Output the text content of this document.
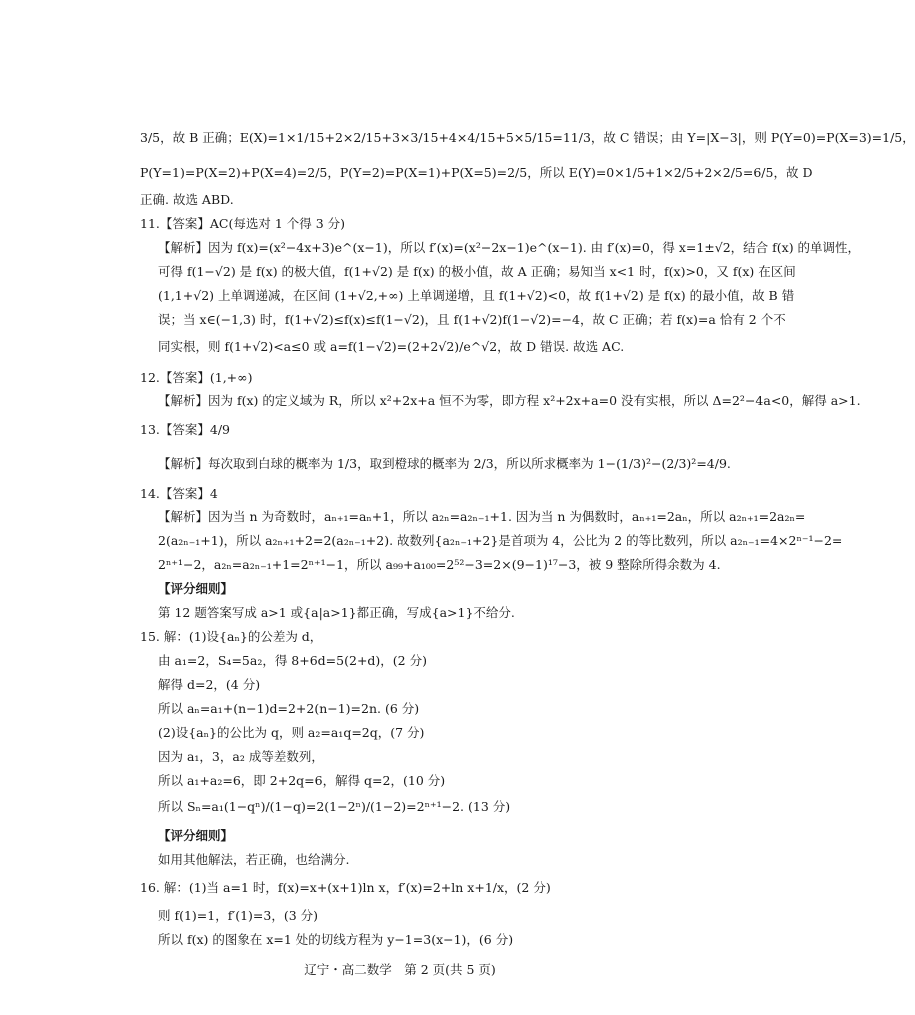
3/5，故 B 正确；E(X)=1×1/15+2×2/15+3×3/15+4×4/15+5×5/15=11/3，故 C 错误；由 Y=|X−3|，则 P(Y=0)=P(X=3)=1/5，
P(Y=1)=P(X=2)+P(X=4)=2/5，P(Y=2)=P(X=1)+P(X=5)=2/5，所以 E(Y)=0×1/5+1×2/5+2×2/5=6/5，故 D
正确. 故选 ABD.
11.【答案】AC(每选对 1 个得 3 分)
【解析】因为 f(x)=(x²−4x+3)e^(x−1)，所以 f′(x)=(x²−2x−1)e^(x−1). 由 f′(x)=0，得 x=1±√2，结合 f(x) 的单调性，
可得 f(1−√2) 是 f(x) 的极大值，f(1+√2) 是 f(x) 的极小值，故 A 正确；易知当 x<1 时，f(x)>0，又 f(x) 在区间
(1,1+√2) 上单调递减，在区间 (1+√2,+∞) 上单调递增，且 f(1+√2)<0，故 f(1+√2) 是 f(x) 的最小值，故 B 错
误；当 x∈(−1,3) 时，f(1+√2)≤f(x)≤f(1−√2)，且 f(1+√2)f(1−√2)=−4，故 C 正确；若 f(x)=a 恰有 2 个不
同实根，则 f(1+√2)<a≤0 或 a=f(1−√2)=(2+2√2)/e^√2，故 D 错误. 故选 AC.
12.【答案】(1,+∞)
【解析】因为 f(x) 的定义域为 R，所以 x²+2x+a 恒不为零，即方程 x²+2x+a=0 没有实根，所以 Δ=2²−4a<0，解得 a>1.
13.【答案】4/9
【解析】每次取到白球的概率为 1/3，取到橙球的概率为 2/3，所以所求概率为 1−(1/3)²−(2/3)²=4/9.
14.【答案】4
【解析】因为当 n 为奇数时，aₙ₊₁=aₙ+1，所以 a₂ₙ=a₂ₙ₋₁+1. 因为当 n 为偶数时，aₙ₊₁=2aₙ，所以 a₂ₙ₊₁=2a₂ₙ=
2(a₂ₙ₋₁+1)，所以 a₂ₙ₊₁+2=2(a₂ₙ₋₁+2). 故数列{a₂ₙ₋₁+2}是首项为 4，公比为 2 的等比数列，所以 a₂ₙ₋₁=4×2ⁿ⁻¹−2=
2ⁿ⁺¹−2，a₂ₙ=a₂ₙ₋₁+1=2ⁿ⁺¹−1，所以 a₉₉+a₁₀₀=2⁵²−3=2×(9−1)¹⁷−3，被 9 整除所得余数为 4.
【评分细则】
第 12 题答案写成 a>1 或{a|a>1}都正确，写成{a>1}不给分.
15. 解：(1)设{aₙ}的公差为 d，
由 a₁=2，S₄=5a₂，得 8+6d=5(2+d)，(2 分)
解得 d=2，(4 分)
所以 aₙ=a₁+(n−1)d=2+2(n−1)=2n. (6 分)
(2)设{aₙ}的公比为 q，则 a₂=a₁q=2q，(7 分)
因为 a₁，3，a₂ 成等差数列，
所以 a₁+a₂=6，即 2+2q=6，解得 q=2，(10 分)
所以 Sₙ=a₁(1−qⁿ)/(1−q)=2(1−2ⁿ)/(1−2)=2ⁿ⁺¹−2. (13 分)
【评分细则】
如用其他解法，若正确，也给满分.
16. 解：(1)当 a=1 时，f(x)=x+(x+1)ln x，f′(x)=2+ln x+1/x，(2 分)
则 f(1)=1，f′(1)=3，(3 分)
所以 f(x) 的图象在 x=1 处的切线方程为 y−1=3(x−1)，(6 分)
辽宁・高二数学　第 2 页(共 5 页)
